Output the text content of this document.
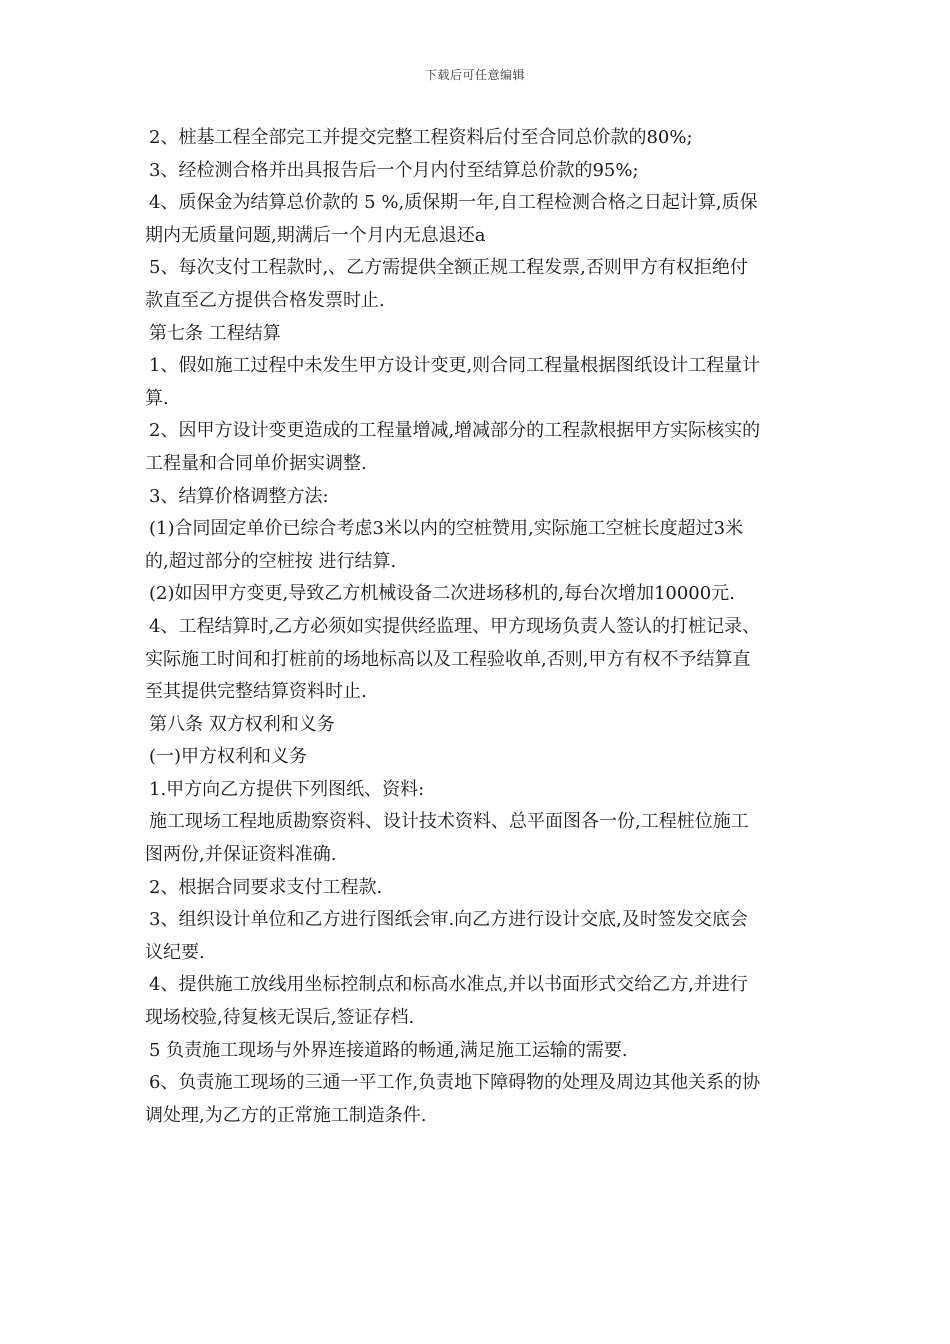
下载后可任意编辑
2、桩基工程全部完工并提交完整工程资料后付至合同总价款的80%;
3、经检测合格并出具报告后一个月内付至结算总价款的95%;
4、质保金为结算总价款的 5 %,质保期一年,自工程检测合格之日起计算,质保
期内无质量问题,期满后一个月内无息退还a
5、每次支付工程款时,、乙方需提供全额正规工程发票,否则甲方有权拒绝付
款直至乙方提供合格发票时止.
第七条 工程结算
1、假如施工过程中未发生甲方设计变更,则合同工程量根据图纸设计工程量计
算.
2、因甲方设计变更造成的工程量增减,增减部分的工程款根据甲方实际核实的
工程量和合同单价据实调整.
3、结算价格调整方法:
(1)合同固定单价已综合考虑3米以内的空桩赞用,实际施工空桩长度超过3米
的,超过部分的空桩按 进行结算.
(2)如因甲方变更,导致乙方机械设备二次进场移机的,每台次增加10000元.
4、工程结算时,乙方必须如实提供经监理、甲方现场负责人签认的打桩记录、
实际施工时间和打桩前的场地标高以及工程验收单,否则,甲方有权不予结算直
至其提供完整结算资料时止.
第八条 双方权利和义务
(一)甲方权利和义务
1.甲方向乙方提供下列图纸、资料:
施工现场工程地质勘察资料、设计技术资料、总平面图各一份,工程桩位施工
图两份,并保证资料准确.
2、根据合同要求支付工程款.
3、组织设计单位和乙方进行图纸会审.向乙方进行设计交底,及时签发交底会
议纪要.
4、提供施工放线用坐标控制点和标高水准点,并以书面形式交给乙方,并进行
现场校验,待复核无误后,签证存档.
5 负责施工现场与外界连接道路的畅通,满足施工运输的需要.
6、负责施工现场的三通一平工作,负责地下障碍物的处理及周边其他关系的协
调处理,为乙方的正常施工制造条件.
